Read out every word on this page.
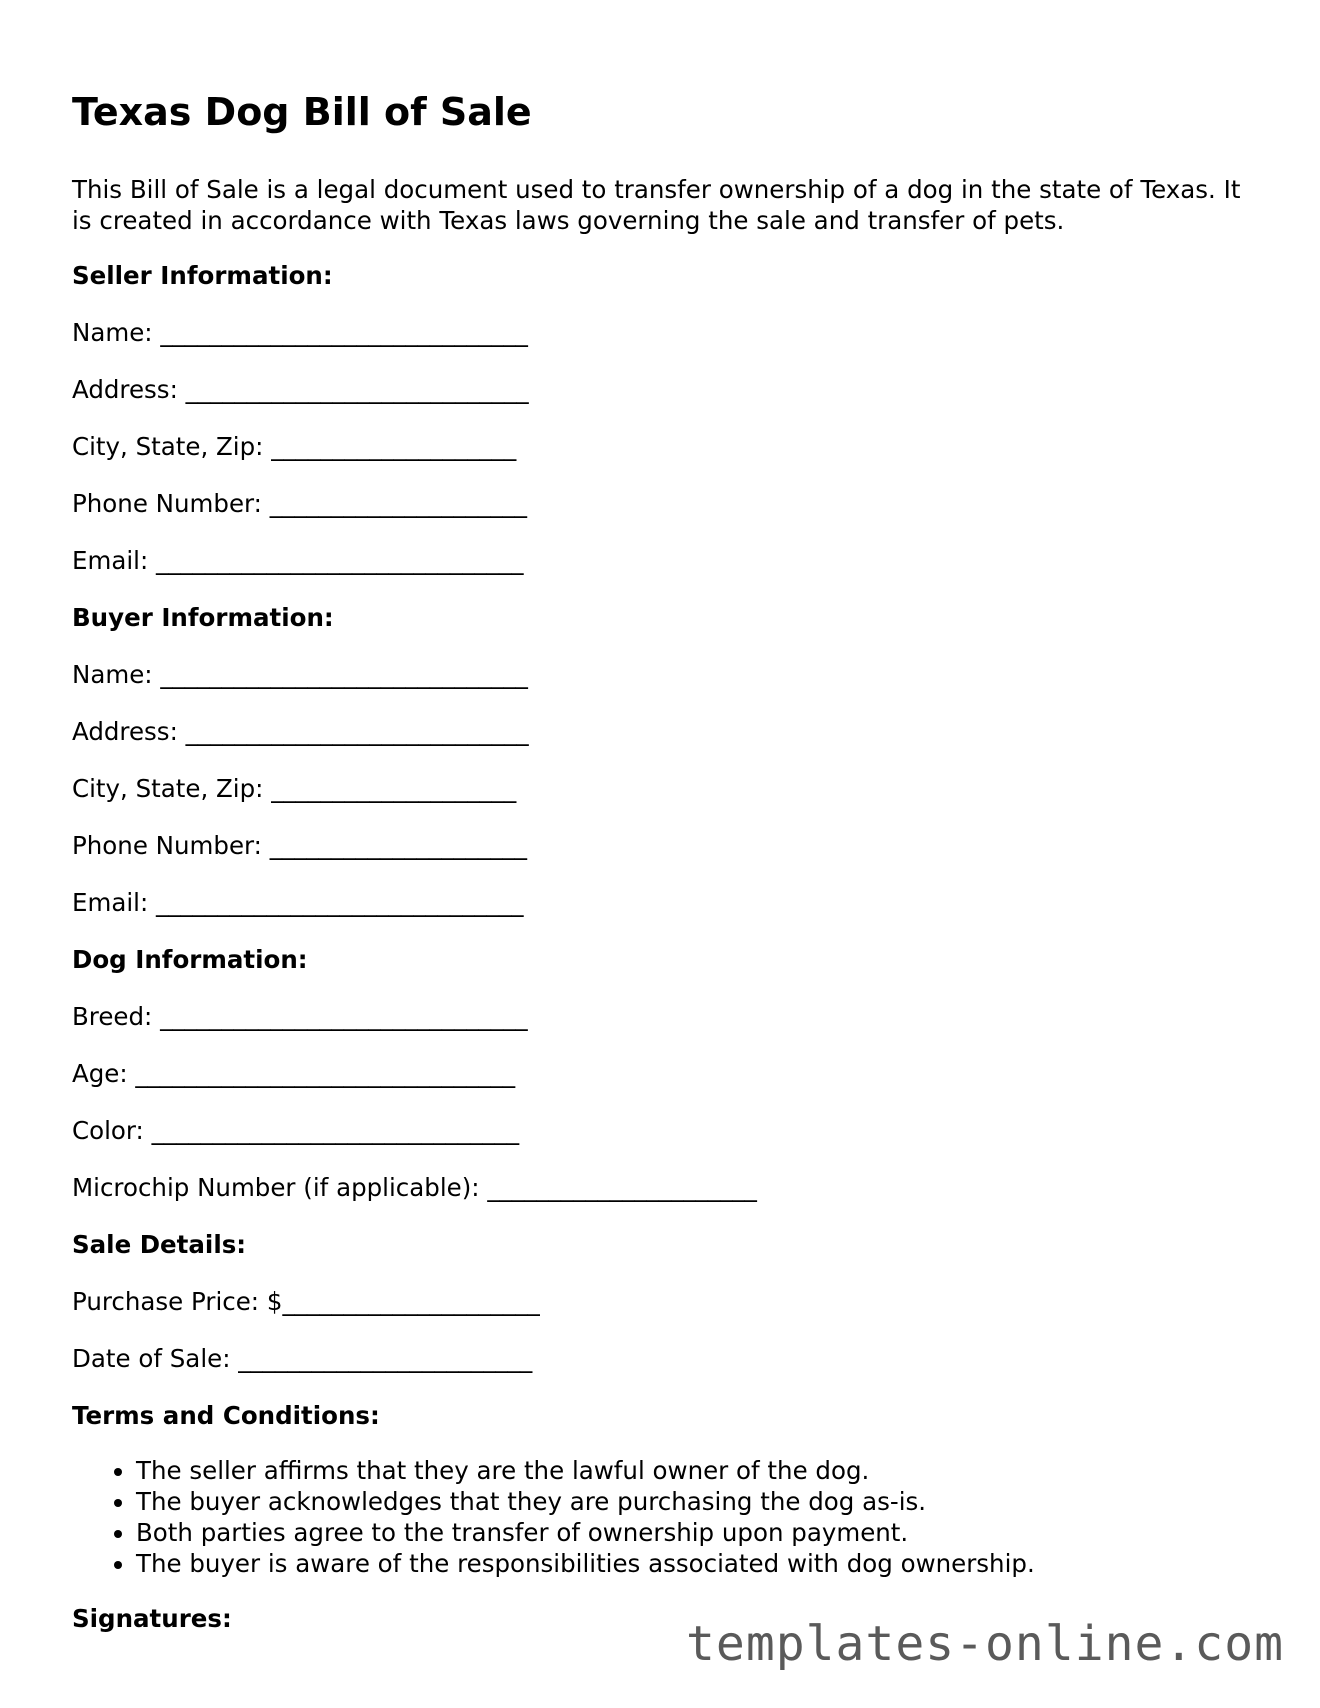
Texas Dog Bill of Sale

This Bill of Sale is a legal document used to transfer ownership of a dog in the state of Texas. It is created in accordance with Texas laws governing the sale and transfer of pets.

Seller Information:
Name: ______________________________
Address: ____________________________
City, State, Zip: ____________________
Phone Number: _____________________
Email: ______________________________
Buyer Information:
Name: ______________________________
Address: ____________________________
City, State, Zip: ____________________
Phone Number: _____________________
Email: ______________________________
Dog Information:
Breed: ______________________________
Age: _______________________________
Color: ______________________________
Microchip Number (if applicable): ______________________
Sale Details:
Purchase Price: $_____________________
Date of Sale: ________________________
Terms and Conditions:
• The seller affirms that they are the lawful owner of the dog.
• The buyer acknowledges that they are purchasing the dog as-is.
• Both parties agree to the transfer of ownership upon payment.
• The buyer is aware of the responsibilities associated with dog ownership.
Signatures:	templates-online.com
